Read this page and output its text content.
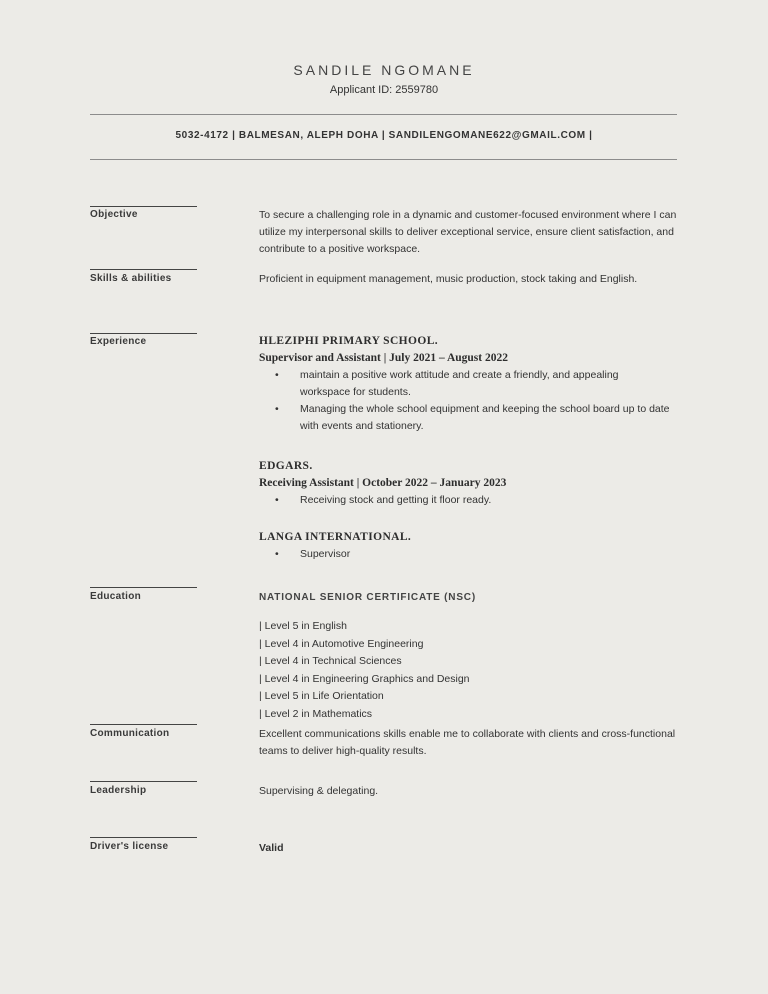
SANDILE NGOMANE
Applicant ID: 2559780
5032-4172 | BALMESAN, ALEPH DOHA | SANDILENGOMANE622@GMAIL.COM |
Objective	To secure a challenging role in a dynamic and customer-focused environment where I can utilize my interpersonal skills to deliver exceptional service, ensure client satisfaction, and contribute to a positive workspace.

Skills & abilities	Proficient in equipment management, music production, stock taking and English.

Experience	HLEZIPHI PRIMARY SCHOOL.
Supervisor and Assistant | July 2021 – August 2022
• maintain a positive work attitude and create a friendly, and appealing workspace for students.
• Managing the whole school equipment and keeping the school board up to date with events and stationery.
EDGARS.
Receiving Assistant | October 2022 – January 2023
• Receiving stock and getting it floor ready.
LANGA INTERNATIONAL.
• Supervisor
Education	NATIONAL SENIOR CERTIFICATE (NSC)
| Level 5 in English
| Level 4 in Automotive Engineering
| Level 4 in Technical Sciences
| Level 4 in Engineering Graphics and Design
| Level 5 in Life Orientation
| Level 2 in Mathematics
Communication	Excellent communications skills enable me to collaborate with clients and cross-functional teams to deliver high-quality results.

Leadership	Supervising & delegating.

Driver's license	Valid
